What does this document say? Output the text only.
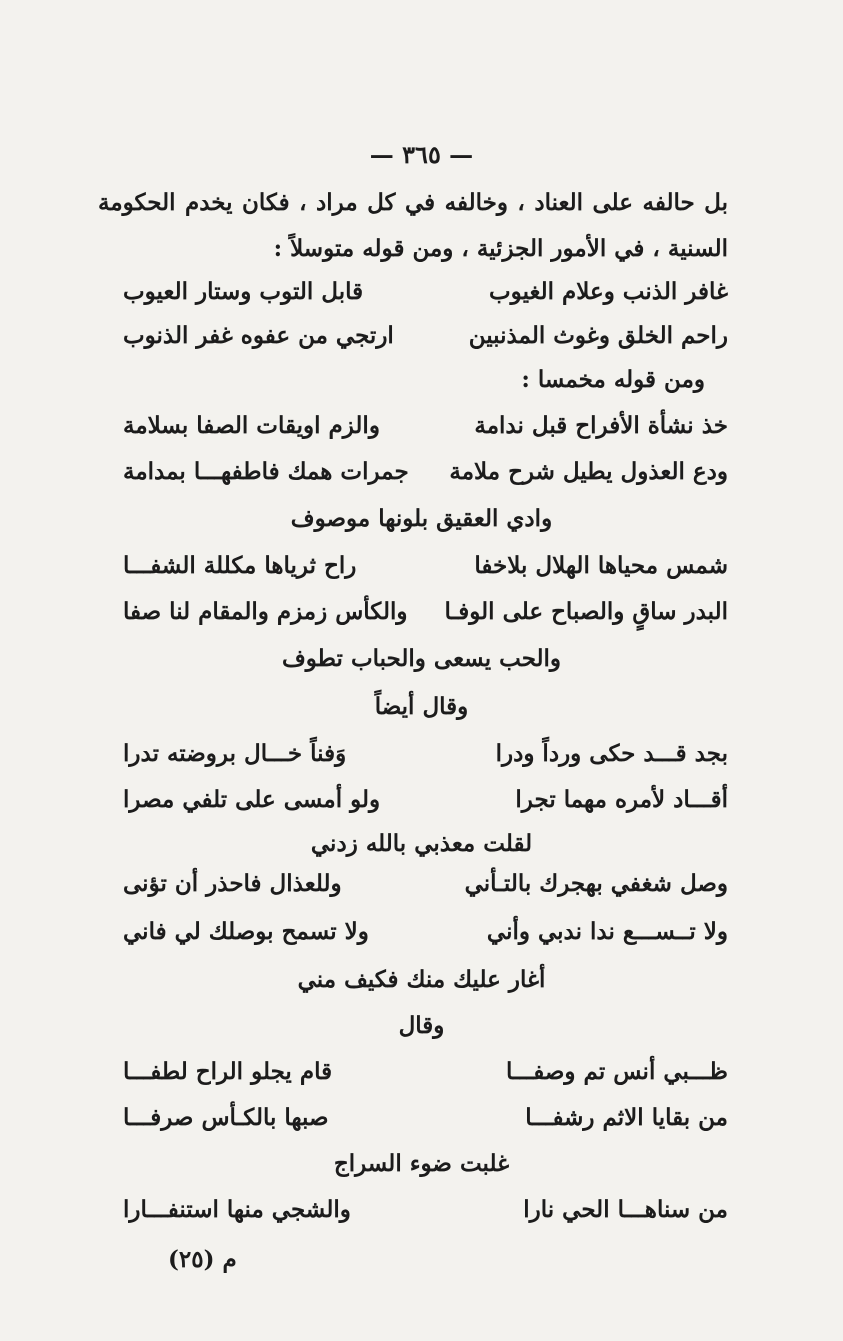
— ٣٦٥ —
بل حالفه على العناد ، وخالفه في كل مراد ، فكان يخدم الحكومة السنية ، في الأمور الجزئية ، ومن قوله متوسلاً :
غافر الذنب وعلام الغيوب
قابل التوب وستار العيوب
راحم الخلق وغوث المذنبين
ارتجي من عفوه غفر الذنوب
ومن قوله مخمسا :
خذ نشأة الأفراح قبل ندامة
والزم اويقات الصفا بسلامة
ودع العذول يطيل شرح ملامة
جمرات همك فاطفهـــا بمدامة
وادي العقيق بلونها موصوف
شمس محياها الهلال بلاخفا
راح ثرياها مكللة الشفـــا
البدر ساقٍ والصباح على الوفـا
والكأس زمزم والمقام لنا صفا
والحب يسعى والحباب تطوف
وقال أيضاً
بجد قـــد حكى ورداً ودرا
وَفناً خـــال بروضته تدرا
أقـــاد لأمره مهما تجرا
ولو أمسى على تلفي مصرا
لقلت معذبي بالله زدني
وصل شغفي بهجرك بالتـأني
وللعذال فاحذر أن تؤنى
ولا تــســـع ندا ندبي وأني
ولا تسمح بوصلك لي فاني
أغار عليك منك فكيف مني
وقال
ظـــبي أنس تم وصفـــا
قام يجلو الراح لطفـــا
من بقايا الاثم رشفـــا
صبها بالكـأس صرفـــا
غلبت ضوء السراج
من سناهـــا الحي نارا
والشجي منها استنفـــارا
م (٢٥)
